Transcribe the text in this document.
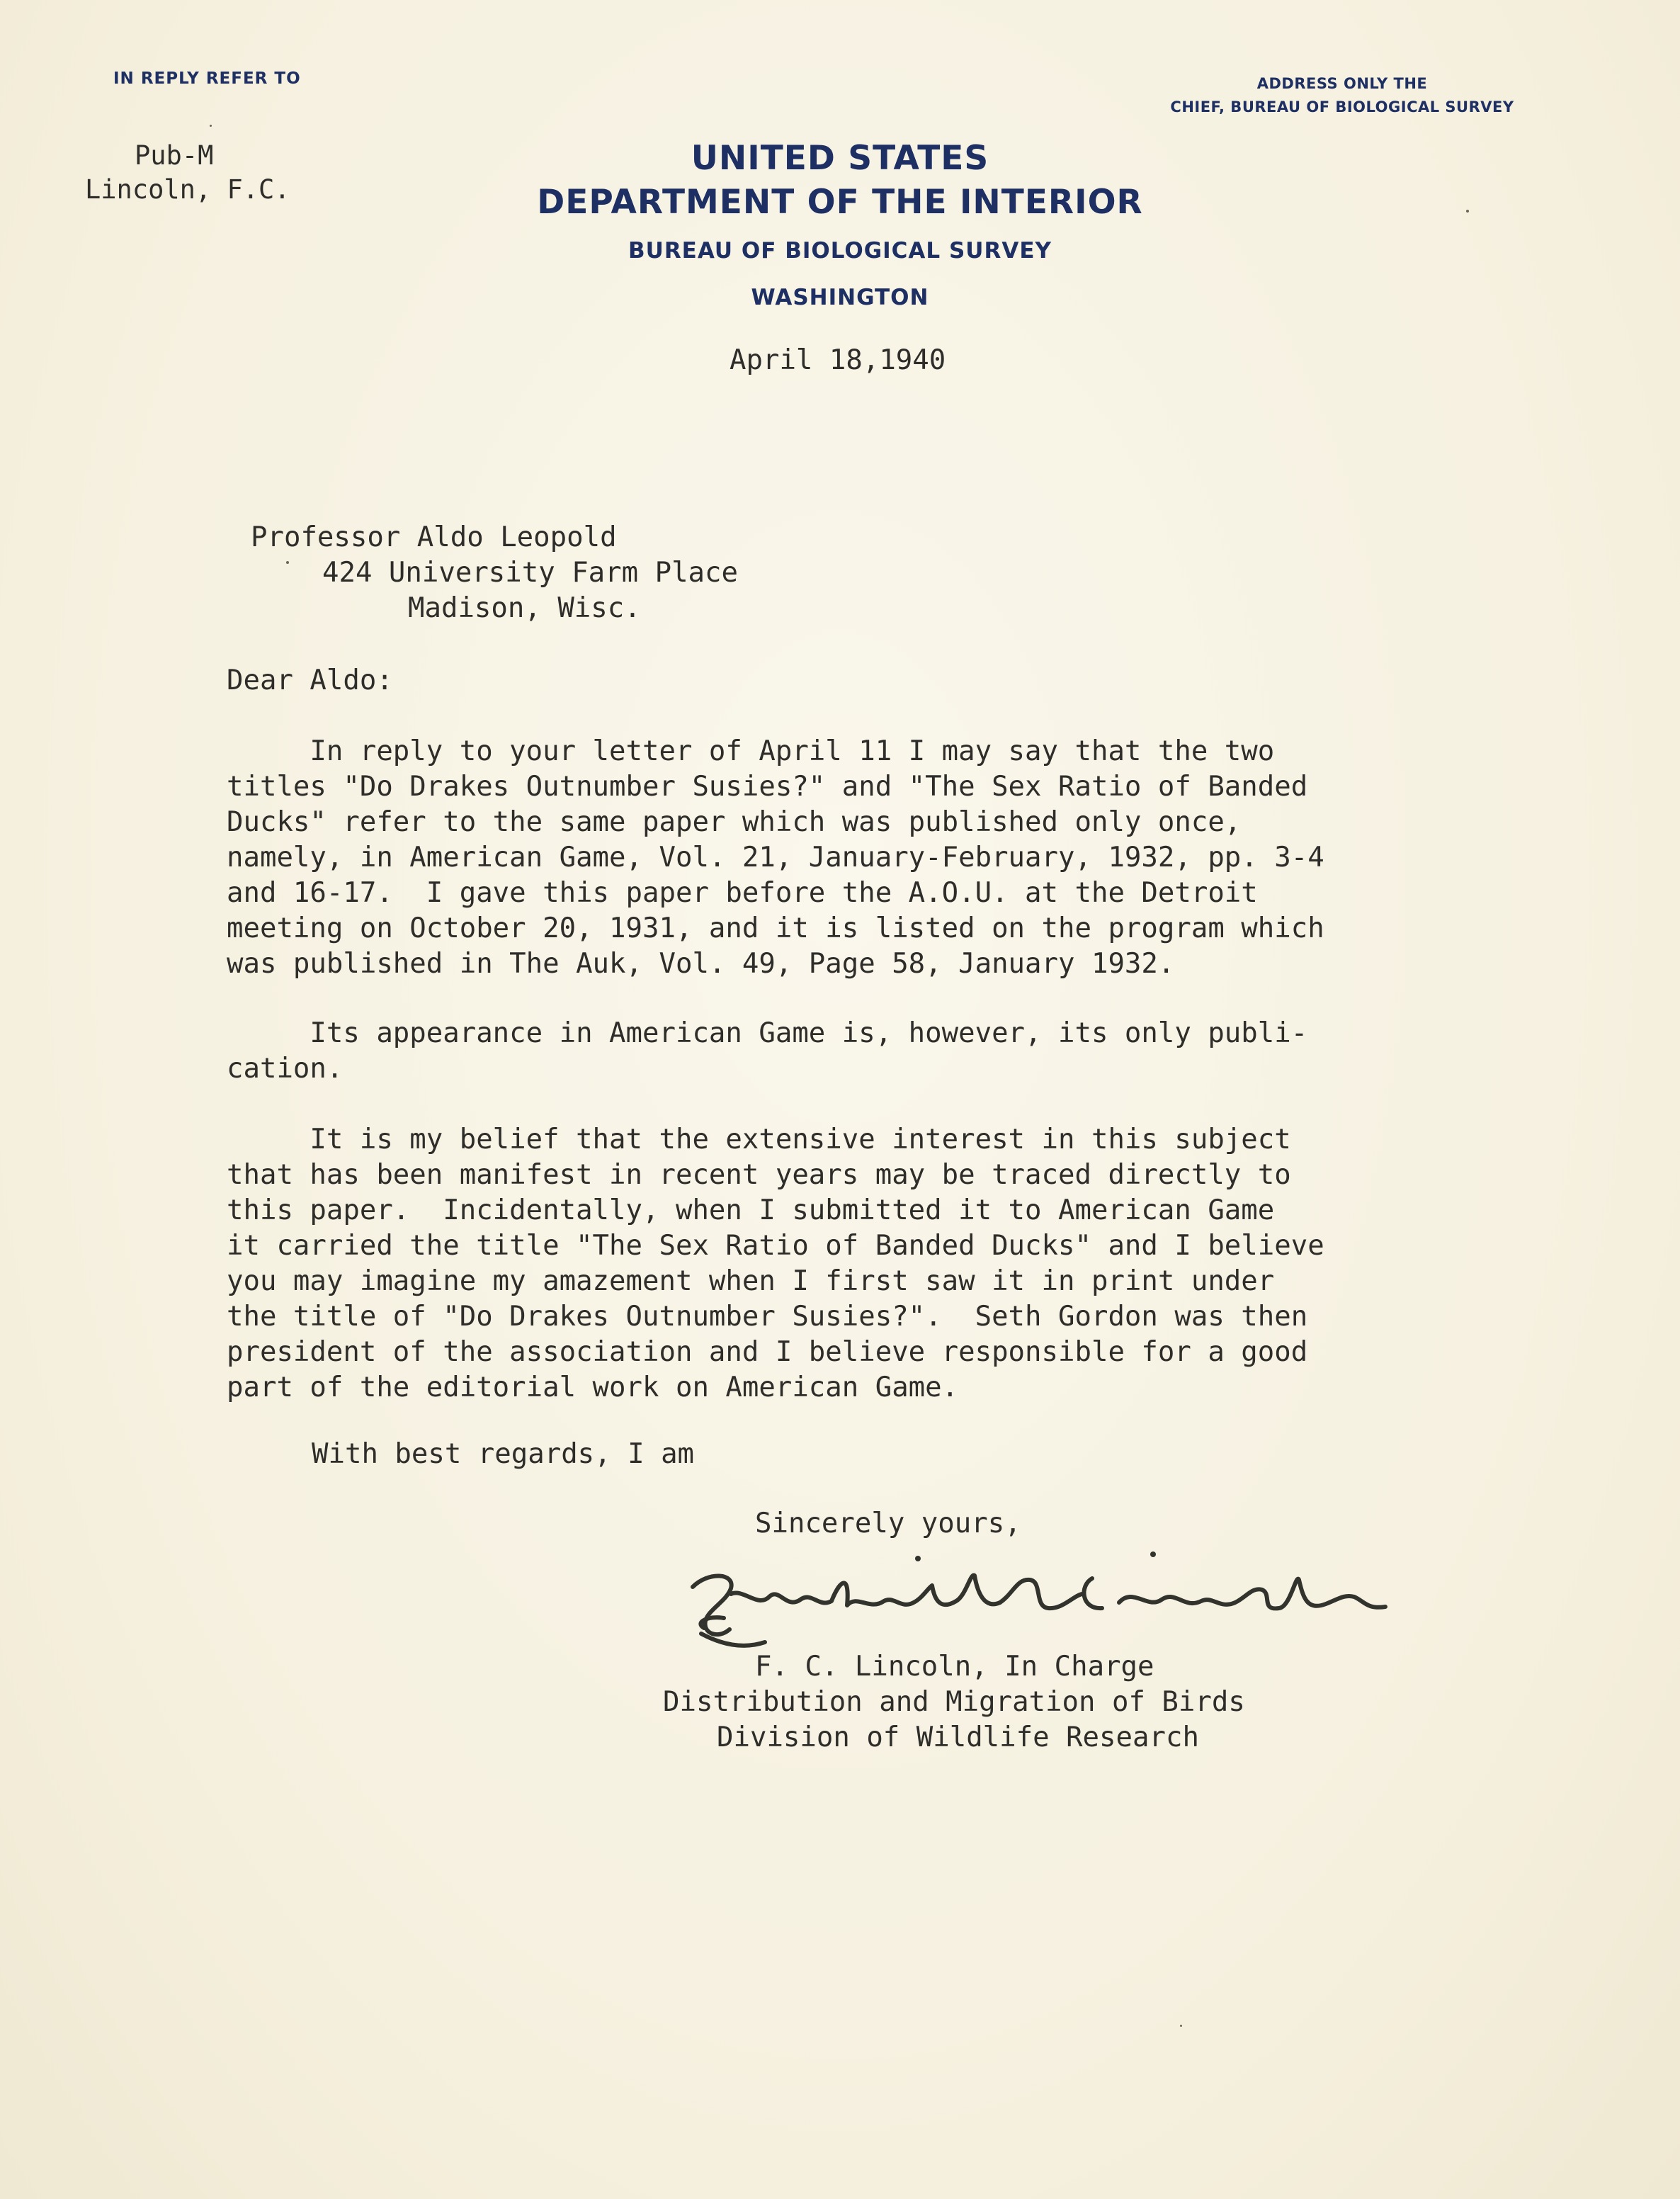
IN REPLY REFER TO	ADDRESS ONLY THE
CHIEF, BUREAU OF BIOLOGICAL SURVEY
UNITED STATES
DEPARTMENT OF THE INTERIOR
BUREAU OF BIOLOGICAL SURVEY
WASHINGTON
Pub-M
Lincoln, F.C.
April 18,1940
Professor Aldo Leopold
424 University Farm Place
Madison, Wisc.
Dear Aldo:
In reply to your letter of April 11 I may say that the two
titles "Do Drakes Outnumber Susies?" and "The Sex Ratio of Banded
Ducks" refer to the same paper which was published only once,
namely, in American Game, Vol. 21, January-February, 1932, pp. 3-4
and 16-17.  I gave this paper before the A.O.U. at the Detroit
meeting on October 20, 1931, and it is listed on the program which
was published in The Auk, Vol. 49, Page 58, January 1932.
Its appearance in American Game is, however, its only publi-
cation.
It is my belief that the extensive interest in this subject
that has been manifest in recent years may be traced directly to
this paper.  Incidentally, when I submitted it to American Game
it carried the title "The Sex Ratio of Banded Ducks" and I believe
you may imagine my amazement when I first saw it in print under
the title of "Do Drakes Outnumber Susies?".  Seth Gordon was then
president of the association and I believe responsible for a good
part of the editorial work on American Game.
With best regards, I am
Sincerely yours,
F. C. Lincoln, In Charge
Distribution and Migration of Birds
Division of Wildlife Research
